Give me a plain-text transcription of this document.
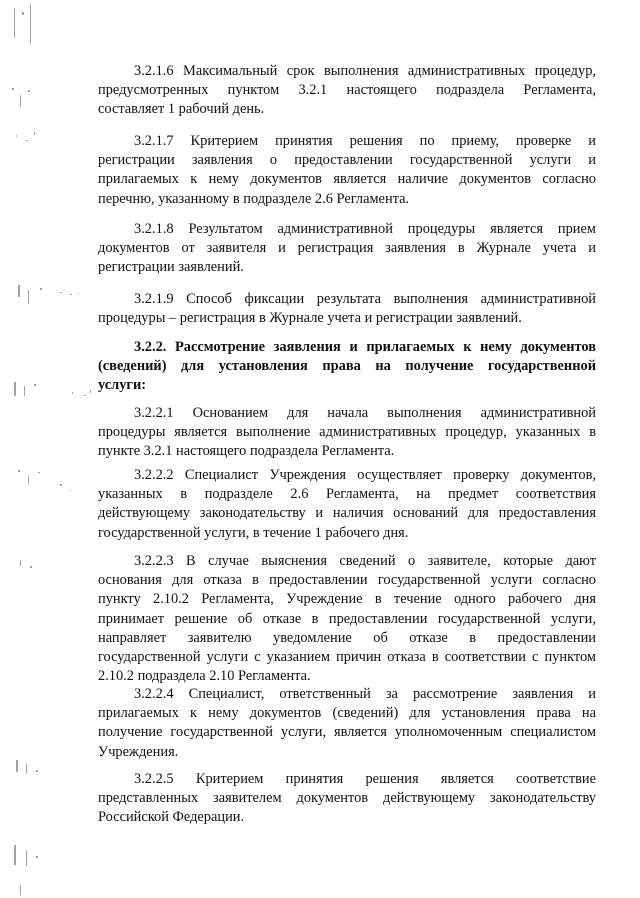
3.2.1.6 Максимальный срок выполнения административных процедур,
предусмотренных пунктом 3.2.1 настоящего подраздела Регламента,
составляет 1 рабочий день.

3.2.1.7 Критерием принятия решения по приему, проверке и
регистрации заявления о предоставлении государственной услуги и
прилагаемых к нему документов является наличие документов согласно
перечню, указанному в подразделе 2.6 Регламента.

3.2.1.8 Результатом административной процедуры является прием
документов от заявителя и регистрация заявления в Журнале учета и
регистрации заявлений.

3.2.1.9 Способ фиксации результата выполнения административной
процедуры – регистрация в Журнале учета и регистрации заявлений.

3.2.2. Рассмотрение заявления и прилагаемых к нему документов
(сведений) для установления права на получение государственной
услуги:

3.2.2.1 Основанием для начала выполнения административной
процедуры является выполнение административных процедур, указанных в
пункте 3.2.1 настоящего подраздела Регламента.

3.2.2.2 Специалист Учреждения осуществляет проверку документов,
указанных в подразделе 2.6 Регламента, на предмет соответствия
действующему законодательству и наличия оснований для предоставления
государственной услуги, в течение 1 рабочего дня.

3.2.2.3 В случае выяснения сведений о заявителе, которые дают
основания для отказа в предоставлении государственной услуги согласно
пункту 2.10.2 Регламента, Учреждение в течение одного рабочего дня
принимает решение об отказе в предоставлении государственной услуги,
направляет заявителю уведомление об отказе в предоставлении
государственной услуги с указанием причин отказа в соответствии с пунктом
2.10.2 подраздела 2.10 Регламента.

3.2.2.4 Специалист, ответственный за рассмотрение заявления и
прилагаемых к нему документов (сведений) для установления права на
получение государственной услуги, является уполномоченным специалистом
Учреждения.

3.2.2.5 Критерием принятия решения является соответствие
представленных заявителем документов действующему законодательству
Российской Федерации.
